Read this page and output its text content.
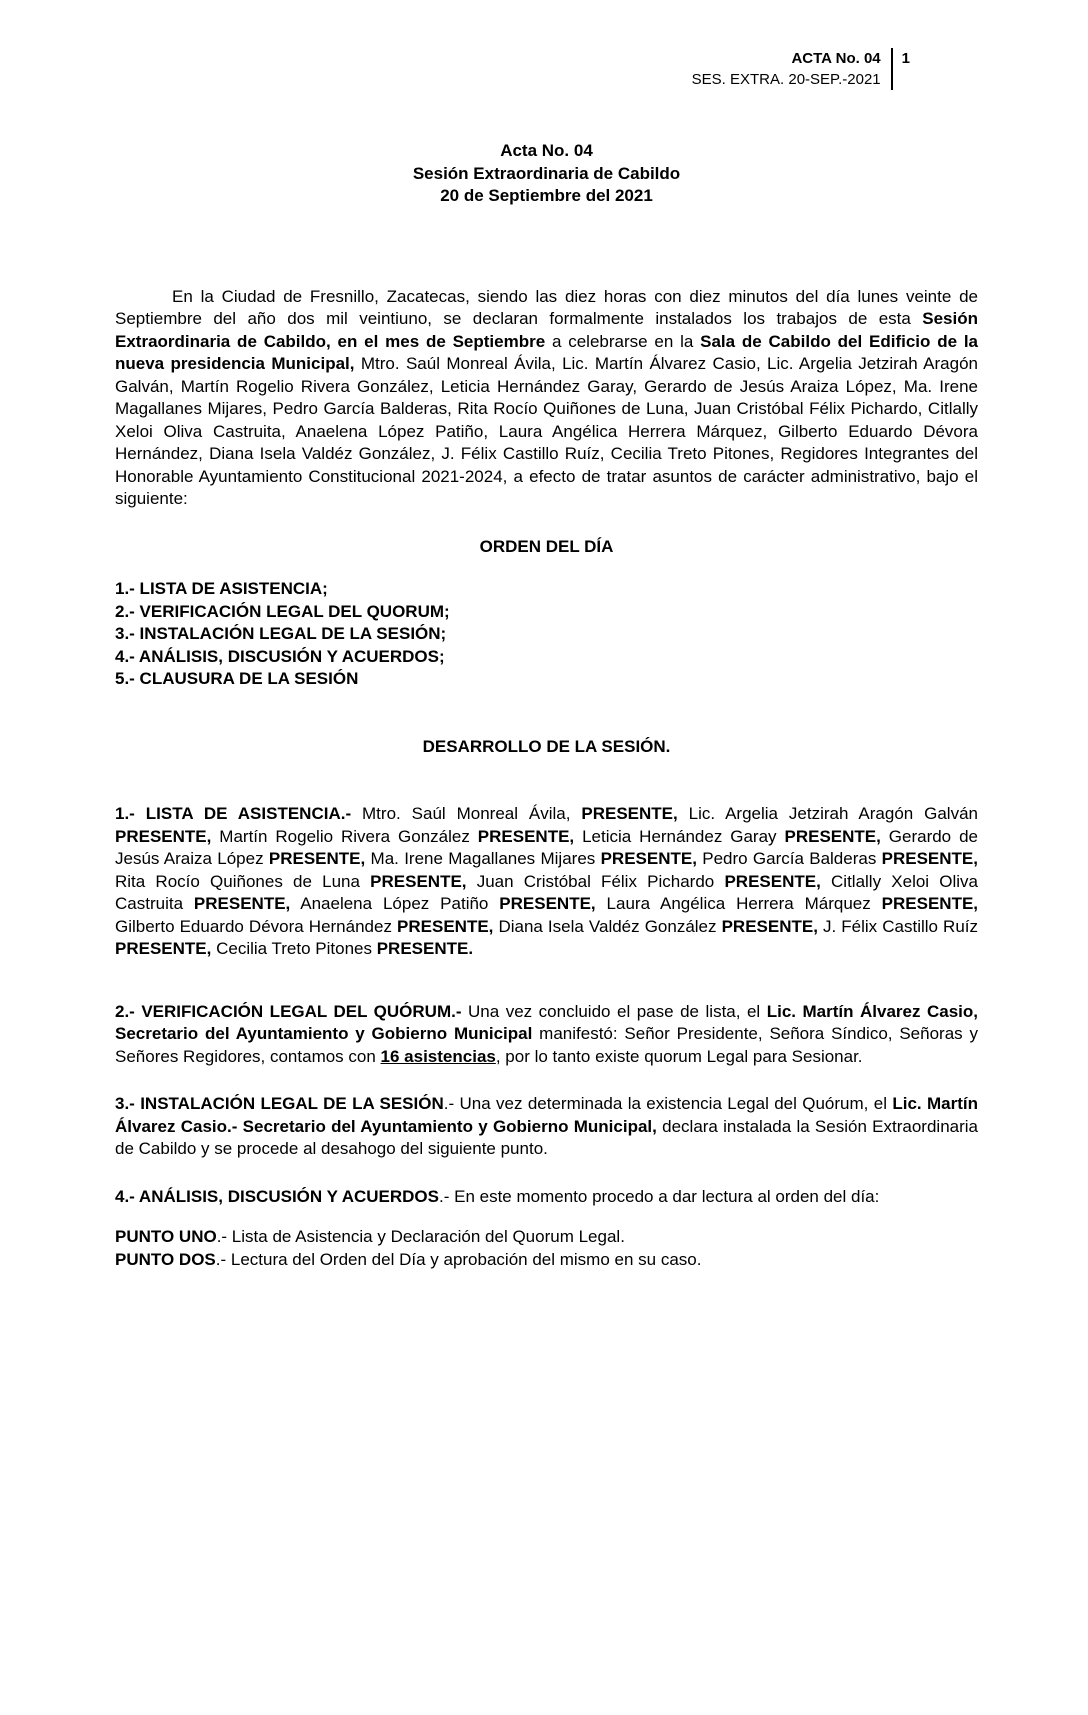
ACTA No. 04
SES. EXTRA. 20-SEP.-2021
1
Acta No. 04
Sesión Extraordinaria de Cabildo
20 de Septiembre del 2021

En la Ciudad de Fresnillo, Zacatecas, siendo las diez horas con diez minutos del día lunes veinte de Septiembre del año dos mil veintiuno, se declaran formalmente instalados los trabajos de esta Sesión Extraordinaria de Cabildo, en el mes de Septiembre a celebrarse en la Sala de Cabildo del Edificio de la nueva presidencia Municipal, Mtro. Saúl Monreal Ávila, Lic. Martín Álvarez Casio, Lic. Argelia Jetzirah Aragón Galván, Martín Rogelio Rivera González, Leticia Hernández Garay, Gerardo de Jesús Araiza López, Ma. Irene Magallanes Mijares, Pedro García Balderas, Rita Rocío Quiñones de Luna, Juan Cristóbal Félix Pichardo, Citlally Xeloi Oliva Castruita, Anaelena López Patiño, Laura Angélica Herrera Márquez, Gilberto Eduardo Dévora Hernández, Diana Isela Valdéz González, J. Félix Castillo Ruíz, Cecilia Treto Pitones, Regidores Integrantes del Honorable Ayuntamiento Constitucional 2021-2024, a efecto de tratar asuntos de carácter administrativo, bajo el siguiente:

ORDEN DEL DÍA
1.- LISTA DE ASISTENCIA;
2.- VERIFICACIÓN LEGAL DEL QUORUM;
3.- INSTALACIÓN LEGAL DE LA SESIÓN;
4.- ANÁLISIS, DISCUSIÓN Y ACUERDOS;
5.- CLAUSURA DE LA SESIÓN
DESARROLLO DE LA SESIÓN.

1.- LISTA DE ASISTENCIA.- Mtro. Saúl Monreal Ávila, PRESENTE, Lic. Argelia Jetzirah Aragón Galván PRESENTE, Martín Rogelio Rivera González PRESENTE, Leticia Hernández Garay PRESENTE, Gerardo de Jesús Araiza López PRESENTE, Ma. Irene Magallanes Mijares PRESENTE, Pedro García Balderas PRESENTE, Rita Rocío Quiñones de Luna PRESENTE, Juan Cristóbal Félix Pichardo PRESENTE, Citlally Xeloi Oliva Castruita PRESENTE, Anaelena López Patiño PRESENTE, Laura Angélica Herrera Márquez PRESENTE, Gilberto Eduardo Dévora Hernández PRESENTE, Diana Isela Valdéz González PRESENTE, J. Félix Castillo Ruíz PRESENTE, Cecilia Treto Pitones PRESENTE.

2.- VERIFICACIÓN LEGAL DEL QUÓRUM.- Una vez concluido el pase de lista, el Lic. Martín Álvarez Casio, Secretario del Ayuntamiento y Gobierno Municipal manifestó: Señor Presidente, Señora Síndico, Señoras y Señores Regidores, contamos con 16 asistencias, por lo tanto existe quorum Legal para Sesionar.

3.- INSTALACIÓN LEGAL DE LA SESIÓN.- Una vez determinada la existencia Legal del Quórum, el Lic. Martín Álvarez Casio.- Secretario del Ayuntamiento y Gobierno Municipal, declara instalada la Sesión Extraordinaria de Cabildo y se procede al desahogo del siguiente punto.

4.- ANÁLISIS, DISCUSIÓN Y ACUERDOS.- En este momento procedo a dar lectura al orden del día:

PUNTO UNO.- Lista de Asistencia y Declaración del Quorum Legal.

PUNTO DOS.- Lectura del Orden del Día y aprobación del mismo en su caso.
